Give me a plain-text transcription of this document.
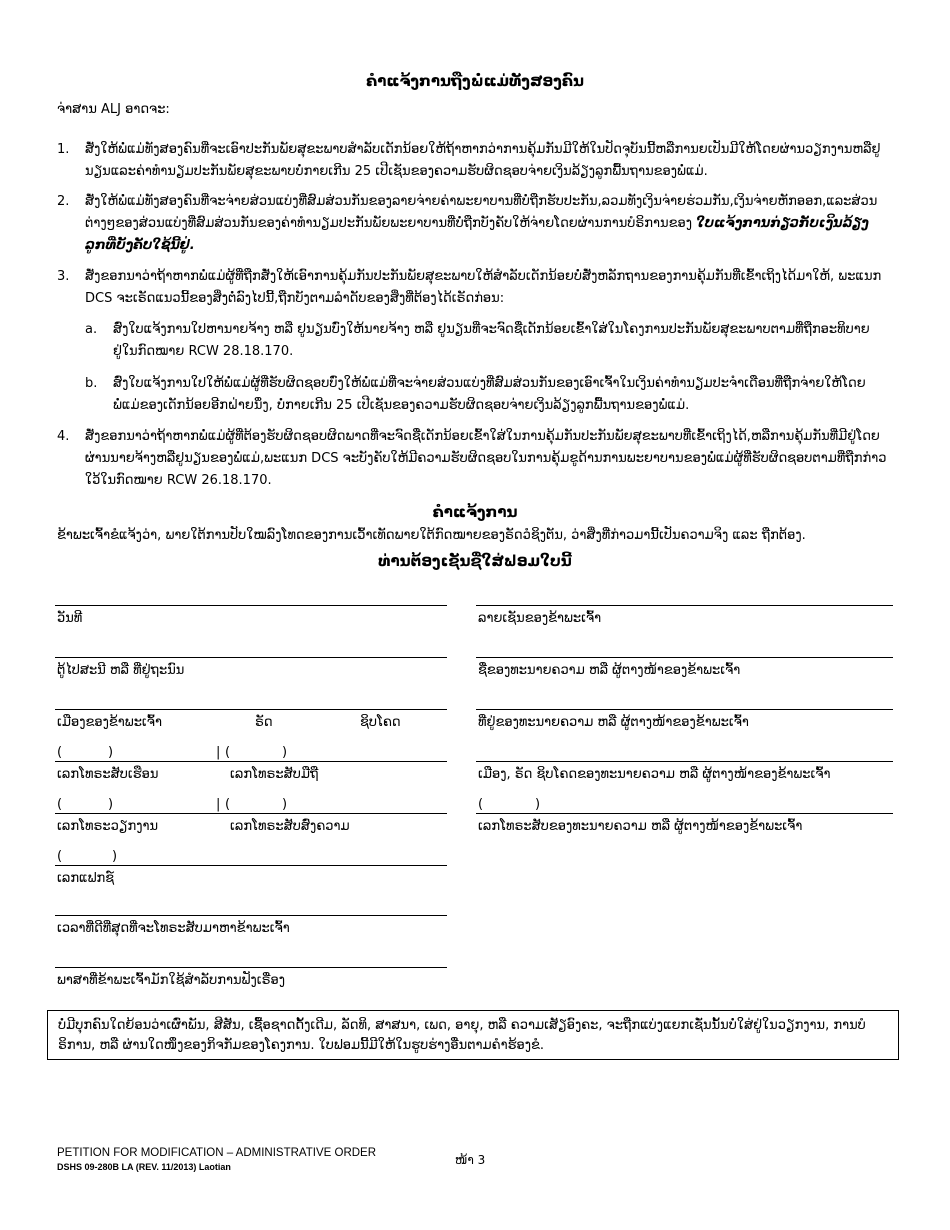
ຄຳແຈ້ງການຖືງພໍ່ແມ່ທັງສອງຄົນ
ຈ່າສານ ALJ ອາດຈະ:
1.	ສັ່ງໃຫ້ພໍ່ແມ່ທັງສອງຄົນທີ່ຈະເອົາປະກັນພັຍສຸຂະພາບສຳລັບເດັກນ້ອຍໃຫ້ຖ້າຫາກວ່າການຄຸ້ມກັນມີໃຫ້ໃນປັດຈຸບັນນີ້ຫລືການຍເປັນມີໃຫ້ໂດຍຜ່ານວຽກງານຫລືຢູນຽນແລະຄ່າທຳນຽມປະກັນພັຍສຸຂະພາບບໍ່ກາຍເກີນ 25 ເປີເຊັນຂອງຄວາມຮັບຜິດຊອບຈ່າຍເງິນລ້ຽງລູກພື້ນຖານຂອງພໍ່ແມ່.
2.	ສັ່ງໃຫ້ພໍ່ແມ່ທັງສອງຄົນທີ່ຈະຈ່າຍສ່ວນແບ່ງທີ່ສົມສ່ວນກັນຂອງລາຍຈ່າຍຄ່າພະຍາບານທີ່ບໍ່ຖືກຮັບປະກັນ,ລວມທັງເງິນຈ່າຍຮ່ວມກັນ,ເງິນຈ່າຍຫັກອອກ,ແລະສ່ວນຕ່າງໆຂອງສ່ວນແບ່ງທີ່ສົມສ່ວນກັນຂອງຄ່າທຳນຽມປະກັນພັຍພະຍາບານທີ່ບໍ່ຖືກບັງຄັບໃຫ້ຈ່າຍໂດຍຜ່ານການບໍຣິການຂອງ ໃບແຈ້ງການກ່ຽວກັບເງິນລ້ຽງລູກທີ່ບັງຄັບໃຊ້ນີ້ຢູ່.
3.	ສັ່ງຂອກນາວ່າຖ້າຫາກພໍ່ແມ່ຜູ້ທີ່ຖືກສັ່ງໃຫ້ເອົາການຄຸ້ມກັນປະກັນພັຍສຸຂະພາບໃຫ້ສຳລັບເດັກນ້ອຍບໍ່ສັ່ງຫລັກຖານຂອງການຄຸ້ມກັນທີ່ເຂົ້າເຖິງໄດ້ມາໃຫ້, ພະແນກ DCS ຈະເຣັດແນວນີ້ຂອງສິ່ງຕໍ່ລົງໄປນີ້,ຖືກບັງຕາມລຳດັບຂອງສິ່ງທີ່ຕ້ອງໄດ້ເຣັດກ່ອນ:
a.	ສົ່ງໃບແຈ້ງການໃປຫານາຍຈ້າງ ຫລື ຢູນຽນບົ່ງໃຫ້ນາຍຈ້າງ ຫລື ຢູນຽນທີ່ຈະຈົດຊື່ເດັກນ້ອຍເຂົ້າໃສ່ໃນໂຄງການປະກັນພັຍສຸຂະພາບຕາມທີ່ຖືກອະທິບາຍຢູ່ໃນກົດໝາຍ RCW 28.18.170.
b.	ສົ່ງໃບແຈ້ງການໃປໃຫ້ພໍ່ແມ່ຜູ້ທີ່ຮັບຜິດຊອບບົ່ງໃຫ້ພໍ່ແມ່ທີ່ຈະຈ່າຍສ່ວນແບ່ງທີ່ສົມສ່ວນກັນຂອງເອົາເຈົ້າໃນເງິນຄ່າທຳນຽມປະຈຳເດືອນທີ່ຖືກຈ່າຍໃຫ້ໂດຍພໍ່ແມ່ຂອງເດັກນ້ອຍອີກຝ່າຍນຶ່ງ, ບໍ່ກາຍເກີນ 25 ເປີເຊັນຂອງຄວາມຮັບຜິດຊອບຈ່າຍເງິນລ້ຽງລູກພື້ນຖານຂອງພໍ່ແມ່.
4.	ສັ່ງຂອກນາວ່າຖ້າຫາກພໍ່ແມ່ຜູ້ທີ່ຕ້ອງຮັບຜິດຊອບຜິດພາດທີ່ຈະຈົດຊື່ເດັກນ້ອຍເຂົ້າໃສ່ໃນການຄຸ້ມກັນປະກັນພັຍສຸຂະພາບທີ່ເຂົ້າເຖິງໄດ້,ຫລືການຄຸ້ມກັນທີ່ມີຢູ່ໂດຍຜ່ານນາຍຈ້າງຫລືຢູນຽນຂອງພໍ່ແມ່,ພະແນກ DCS ຈະບັງຄັບໃຫ້ມີຄວາມຮັບຜິດຊອບໃນການຄຸ້ມຂູດ້ານການພະຍາບານຂອງພໍ່ແມ່ຜູ້ທີ່ຮັບຜິດຊອບຕາມທີ່ຖືກກ່າວໃວ້ໃນກົດໝາຍ RCW 26.18.170.
ຄຳແຈ້ງການ
ຂ້າພະເຈົ້າຂໍແຈ້ງວ່າ, ພາຍໃຕ້ການປັບໃໝລົງໂທດຂອງການເວົ້າເທັດພາຍໃຕ້ກົດໝາຍຂອງຣັດວໍຊິງຕັນ, ວ່າສິ່ງທີ່ກ່າວມານີ້ເປັນຄວາມຈິງ ແລະ ຖືກຕ້ອງ.
ທ່ານຕ້ອງເຊັນຊື່ໃສ່ຟອມໃບນີ້
ວັນທີ
ຕູ້ໄປສະນີ ຫລື ທີ່ຢູ່ຖະນົນ
ເມືອງຂອງຂ້າພະເຈົ້າ	ຣັດ	ຊິບໂຄດ
(	)	| (	)
ເລກໂທຣະສັບເຮືອນ	ເລກໂທຣະສັບມືຖື
(	)	| (	)
ເລກໂທຣະວຽກງານ	ເລກໂທຣະສັບສົ່ງຄວາມ
(	)
ເລກແຟກຊ໌
ເວລາທີ່ດີທີ່ສຸດທີ່ຈະໂທຣະສັບມາຫາຂ້າພະເຈົ້າ
ພາສາທີ່ຂ້າພະເຈົ້າມັກໃຊ້ສຳລັບການຟັງເຣື່ອງ
ລາຍເຊັນຂອງຂ້າພະເຈົ້າ
ຊື່ຂອງທະນາຍຄວາມ ຫລື ຜູ້ຕາງໜ້າຂອງຂ້າພະເຈົ້າ
ທີ່ຢູ່ຂອງທະນາຍຄວາມ ຫລື ຜູ້ຕາງໜ້າຂອງຂ້າພະເຈົ້າ
ເມືອງ, ຣັດ ຊິບໂຄດຂອງທະນາຍຄວາມ ຫລື ຜູ້ຕາງໜ້າຂອງຂ້າພະເຈົ້າ
(	)
ເລກໂທຣະສັບຂອງທະນາຍຄວາມ ຫລື ຜູ້ຕາງໜ້າຂອງຂ້າພະເຈົ້າ
ບໍ່ມີບຸກຄົນໃດຍ້ອນວ່າເຜົ່າພັນ, ສີສັນ, ເຊື້ອຊາດດັ້ງເດີມ, ລັດທິ, ສາສນາ, ເພດ, ອາຍຸ, ຫລື ຄວາມເສັຽອົງຄະ, ຈະຖືກແບ່ງແຍກເຊັ່ນນັ້ນບໍ່ໃສ່ຢູ່ໃນວຽກງານ, ການບໍຣິການ, ຫລື ຜ່ານໃດໜຶ່ງຂອງກິຈກັມຂອງໂຄງການ. ໃບຟອມນີ້ມີໃຫ້ໃນຮູບຮ່າງອື່ນຕາມຄຳຮ້ອງຂໍ.
PETITION FOR MODIFICATION – ADMINISTRATIVE ORDER
DSHS 09-280B LA (REV. 11/2013) Laotian	ໜ້າ 3
